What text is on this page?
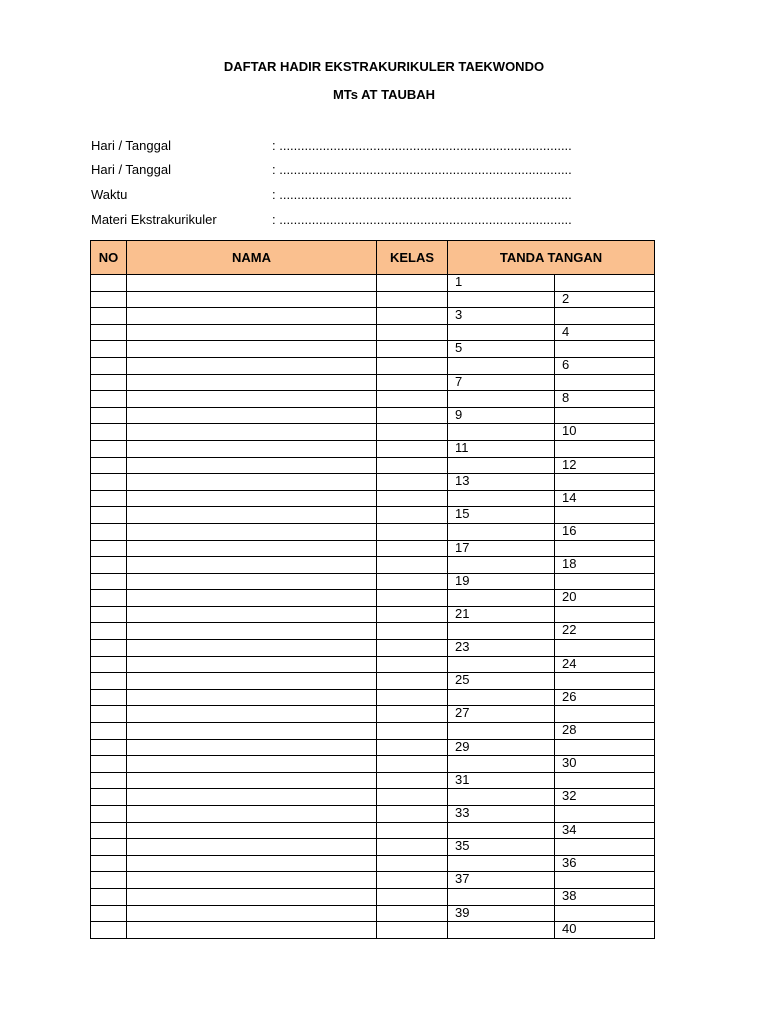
DAFTAR HADIR EKSTRAKURIKULER TAEKWONDO
MTs AT TAUBAH
Hari / Tanggal	: .................................................................................
Hari / Tanggal	: .................................................................................
Waktu	: .................................................................................
Materi Ekstrakurikuler	: .................................................................................
NO	NAMA	KELAS	TANDA TANGAN	
			1	
				2
			3	
				4
			5	
				6
			7	
				8
			9	
				10
			11	
				12
			13	
				14
			15	
				16
			17	
				18
			19	
				20
			21	
				22
			23	
				24
			25	
				26
			27	
				28
			29	
				30
			31	
				32
			33	
				34
			35	
				36
			37	
				38
			39	
				40
